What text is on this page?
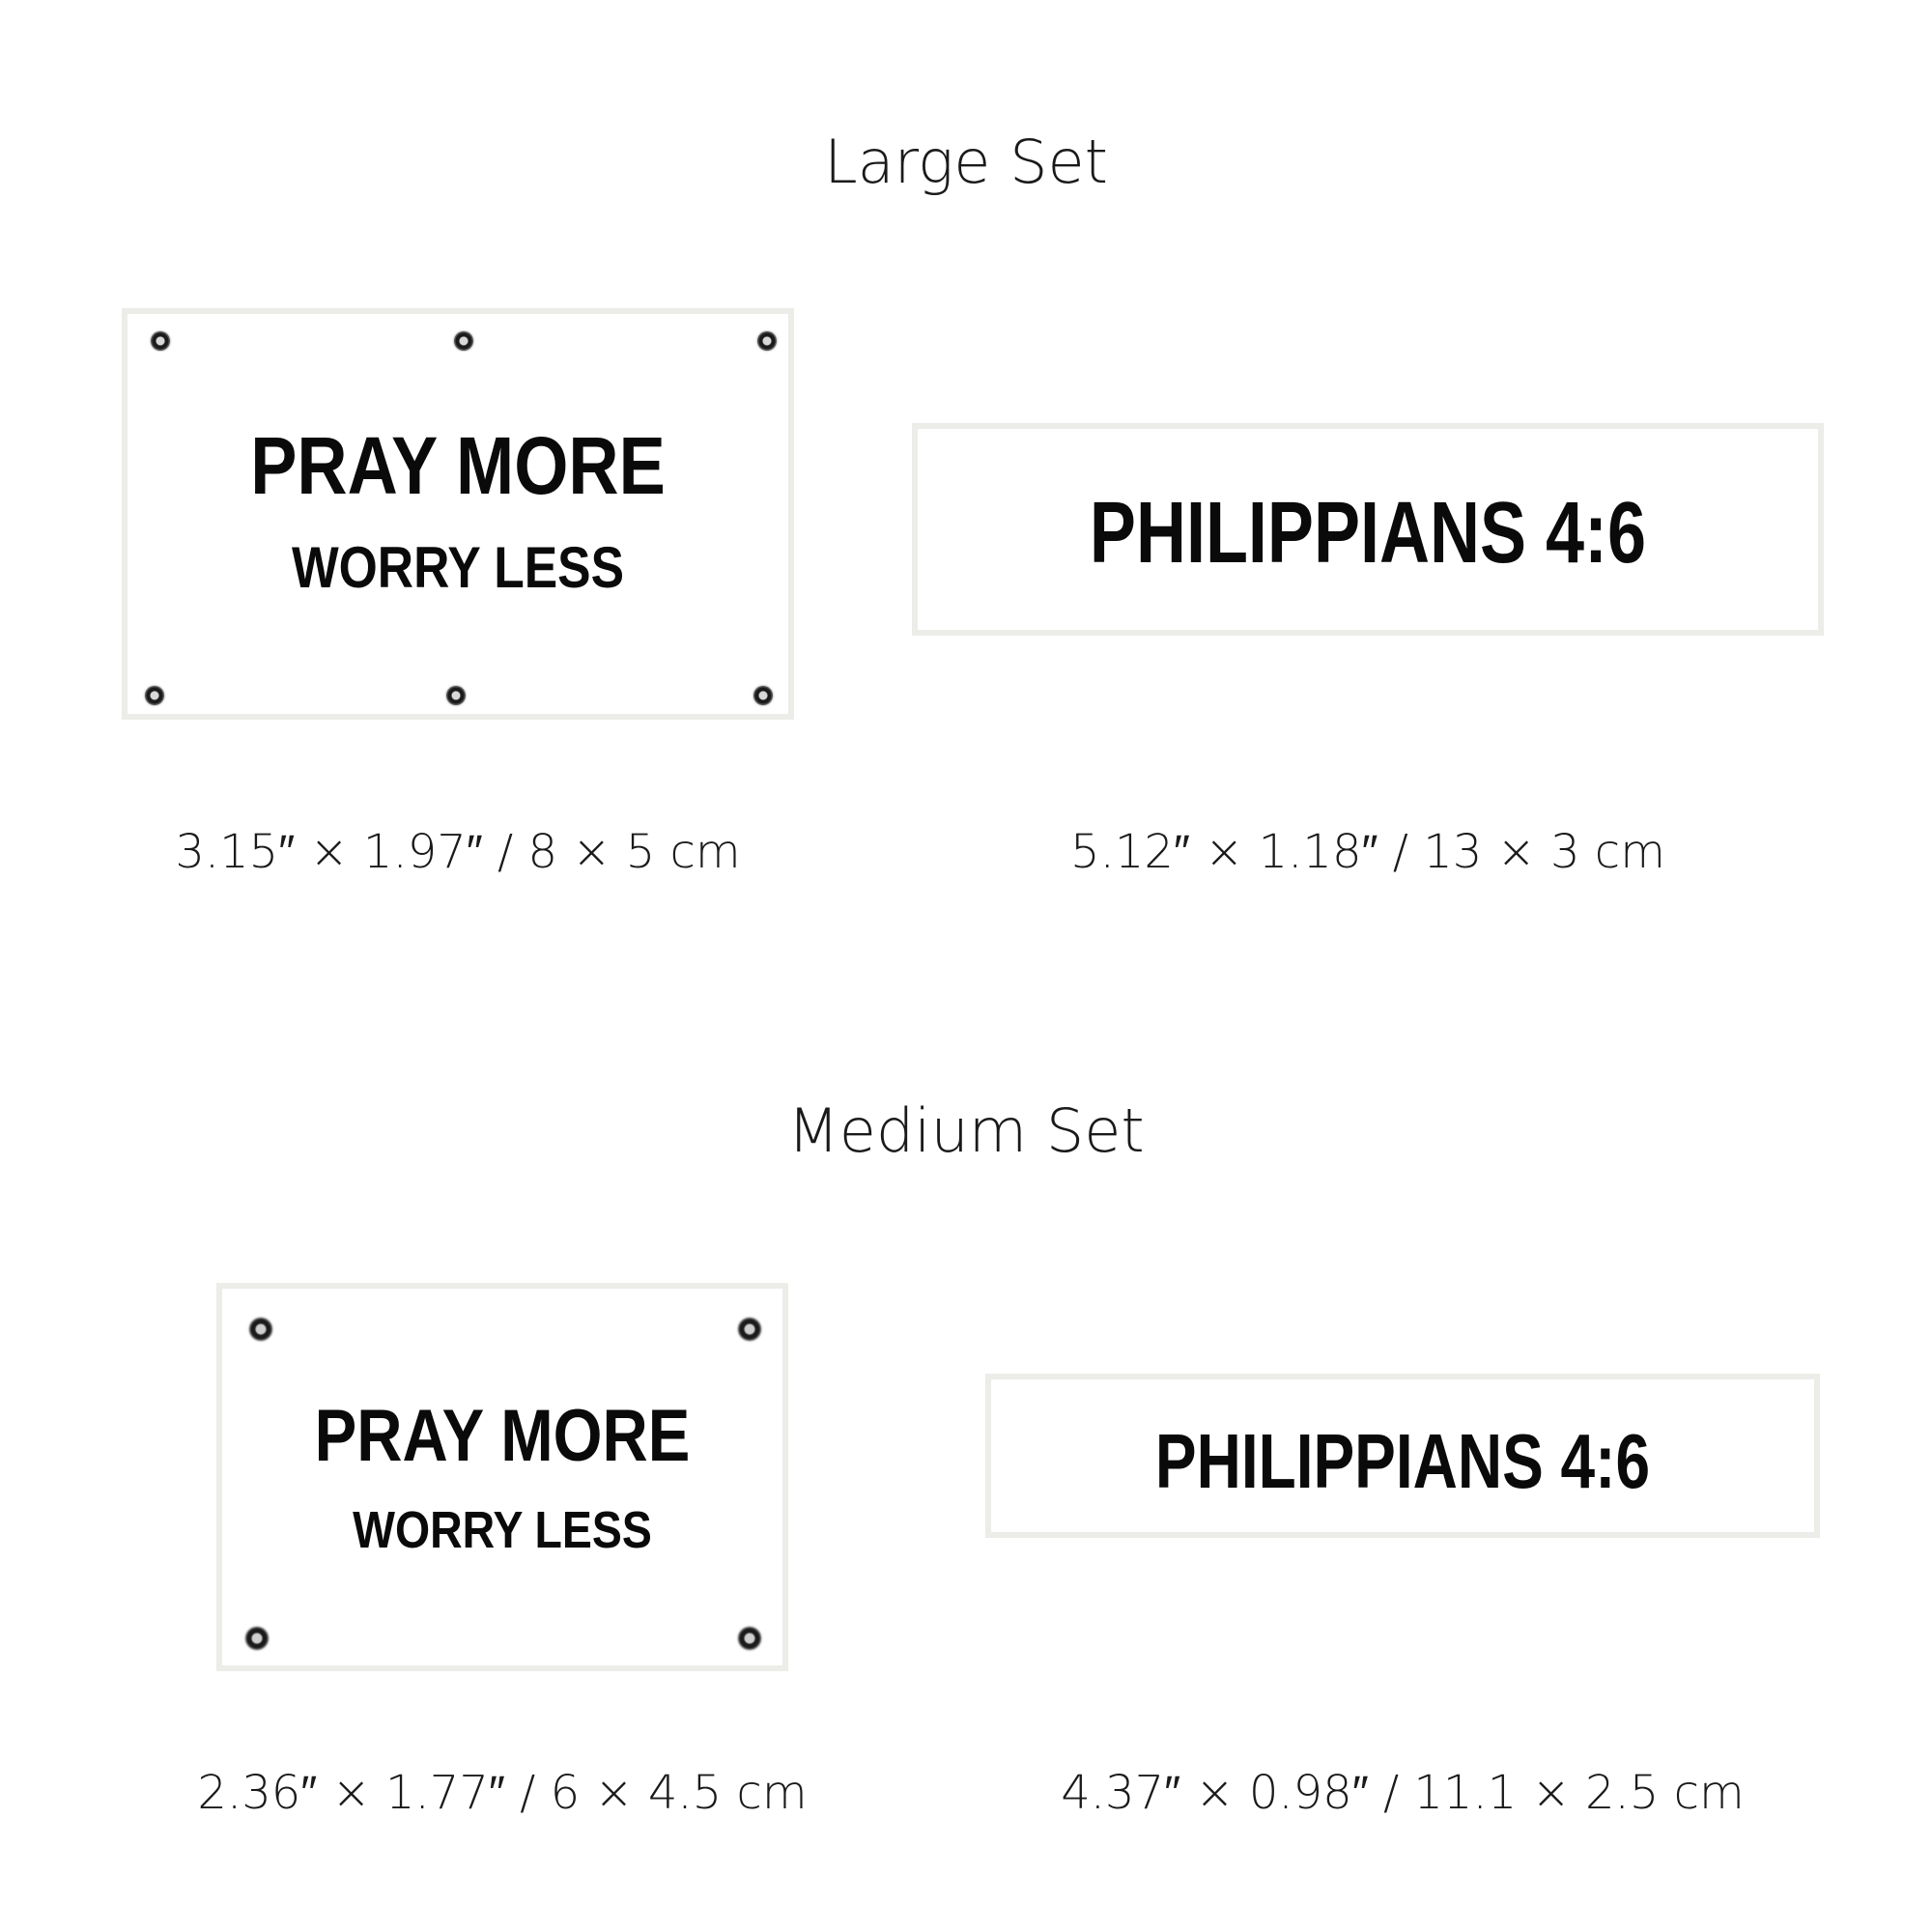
Large Set
PRAY MORE
WORRY LESS	PHILIPPIANS 4:6
3.15″ × 1.97″ / 8 × 5 cm	5.12″ × 1.18″ / 13 × 3 cm
Medium Set
PRAY MORE
WORRY LESS
PHILIPPIANS 4:6
2.36″ × 1.77″ / 6 × 4.5 cm	4.37″ × 0.98″ / 11.1 × 2.5 cm
